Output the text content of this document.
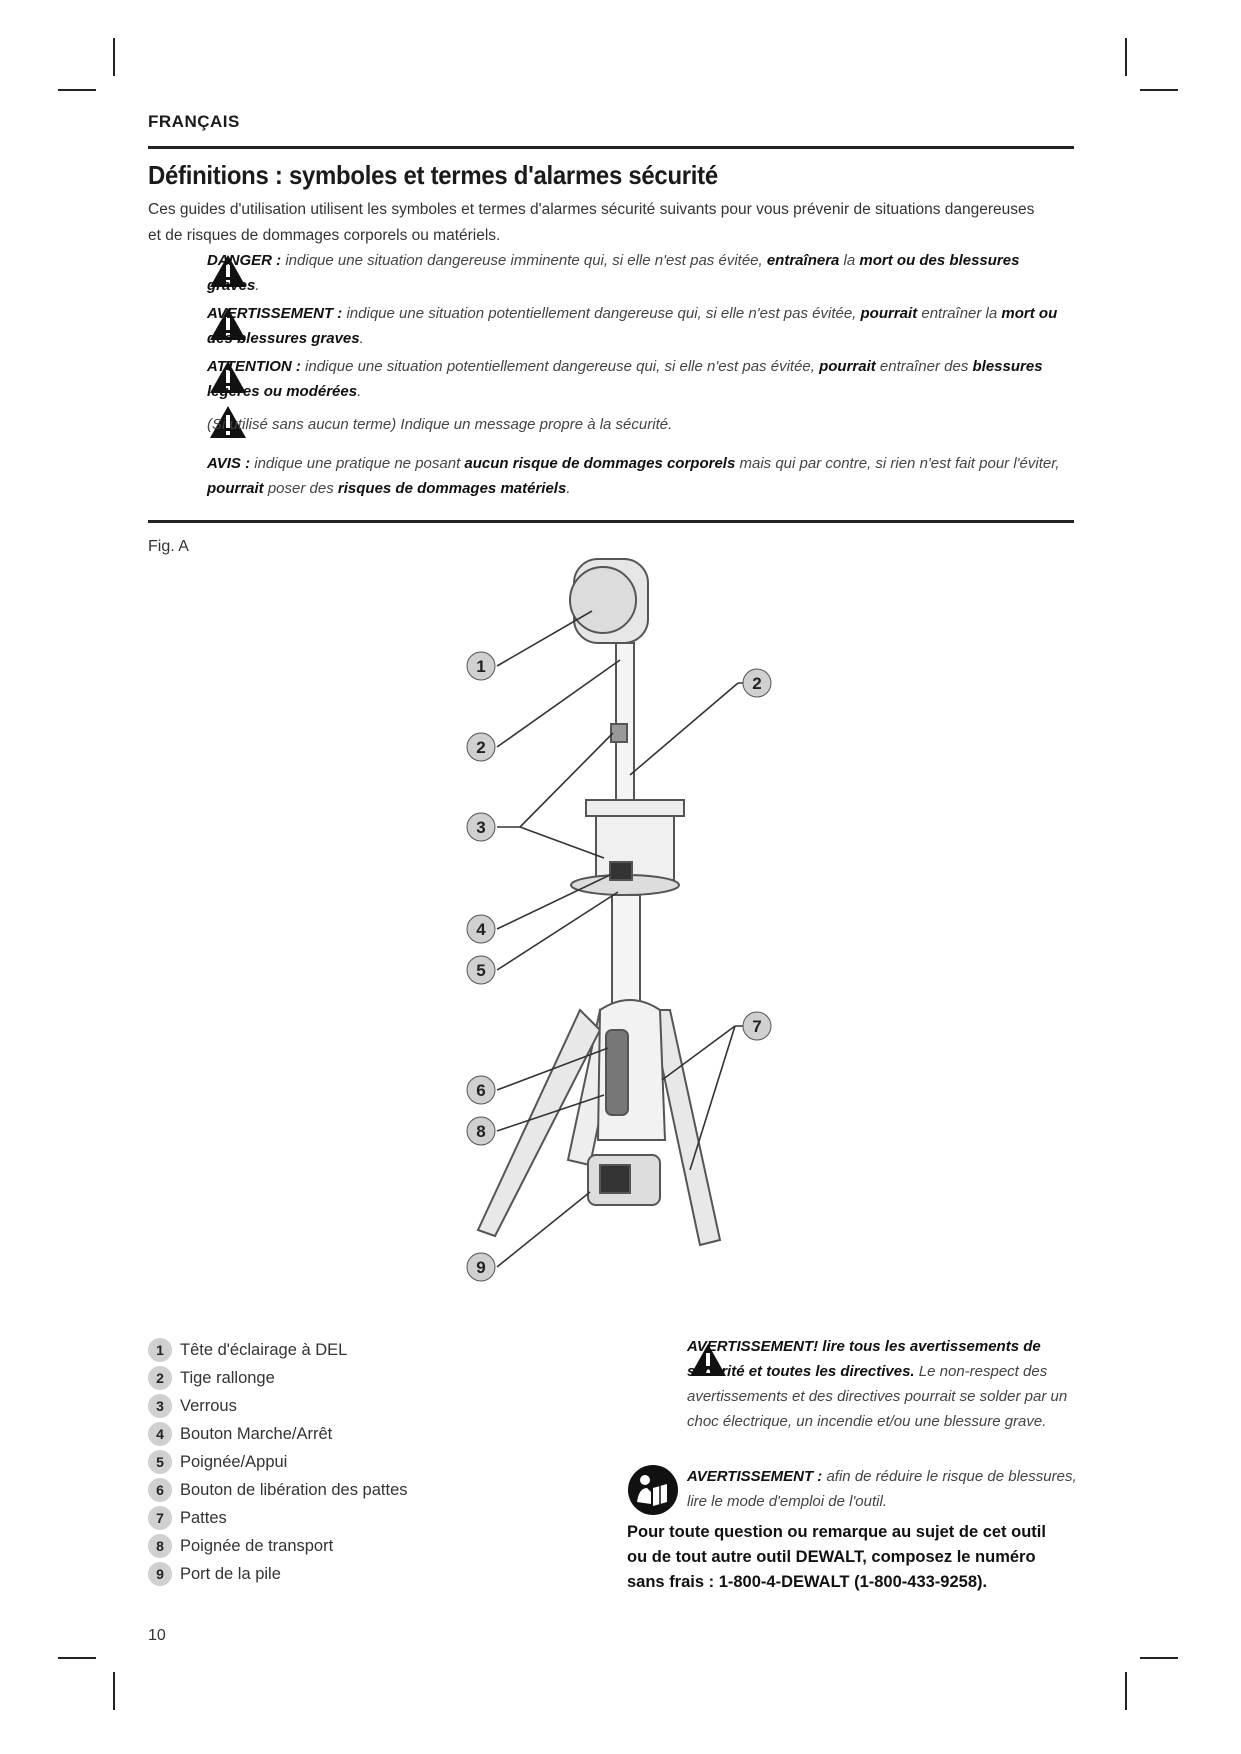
FRANÇAIS
Définitions : symboles et termes d'alarmes sécurité
Ces guides d'utilisation utilisent les symboles et termes d'alarmes sécurité suivants pour vous prévenir de situations dangereuses et de risques de dommages corporels ou matériels.
DANGER : indique une situation dangereuse imminente qui, si elle n'est pas évitée, entraînera la mort ou des blessures graves.
AVERTISSEMENT : indique une situation potentiellement dangereuse qui, si elle n'est pas évitée, pourrait entraîner la mort ou des blessures graves.
ATTENTION : indique une situation potentiellement dangereuse qui, si elle n'est pas évitée, pourrait entraîner des blessures légères ou modérées.
(Si utilisé sans aucun terme) Indique un message propre à la sécurité.
AVIS : indique une pratique ne posant aucun risque de dommages corporels mais qui par contre, si rien n'est fait pour l'éviter, pourrait poser des risques de dommages matériels.
Fig. A
1
2
2
3
4
5
6
7
8
9
1 Tête d'éclairage à DEL
2 Tige rallonge
3 Verrous
4 Bouton Marche/Arrêt
5 Poignée/Appui
6 Bouton de libération des pattes
7 Pattes
8 Poignée de transport
9 Port de la pile
AVERTISSEMENT! lire tous les avertissements de sécurité et toutes les directives. Le non-respect des avertissements et des directives pourrait se solder par un choc électrique, un incendie et/ou une blessure grave.
AVERTISSEMENT : afin de réduire le risque de blessures, lire le mode d'emploi de l'outil.
Pour toute question ou remarque au sujet de cet outil
ou de tout autre outil DEWALT, composez le numéro
sans frais : 1-800-4-DEWALT (1-800-433-9258).
10
